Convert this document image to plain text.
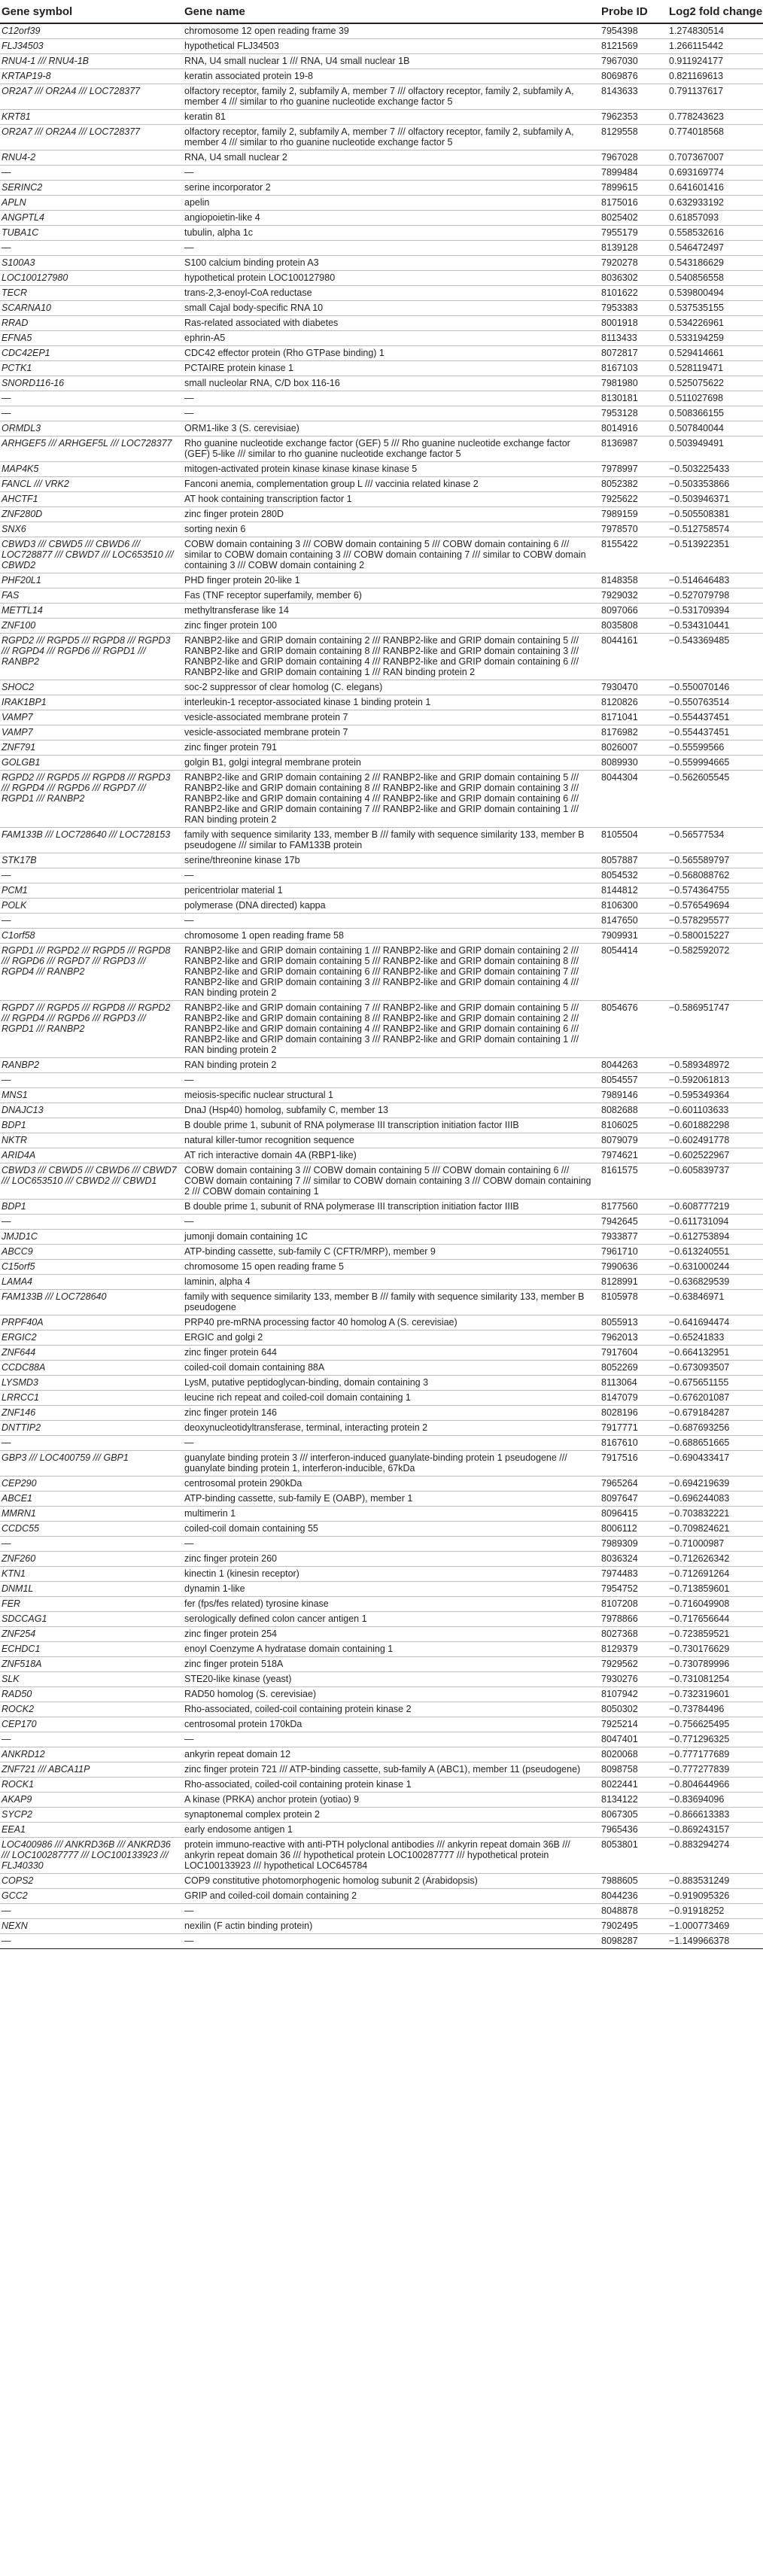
Gene symbol	Gene name	Probe ID	Log2 fold change
C12orf39	chromosome 12 open reading frame 39	7954398	1.274830514
FLJ34503	hypothetical FLJ34503	8121569	1.266115442
RNU4-1 /// RNU4-1B	RNA, U4 small nuclear 1 /// RNA, U4 small nuclear 1B	7967030	0.911924177
KRTAP19-8	keratin associated protein 19-8	8069876	0.821169613
OR2A7 /// OR2A4 /// LOC728377	olfactory receptor, family 2, subfamily A, member 7 /// olfactory receptor, family 2, subfamily A, member 4 /// similar to rho guanine nucleotide exchange factor 5	8143633	0.791137617
KRT81	keratin 81	7962353	0.778243623
OR2A7 /// OR2A4 /// LOC728377	olfactory receptor, family 2, subfamily A, member 7 /// olfactory receptor, family 2, subfamily A, member 4 /// similar to rho guanine nucleotide exchange factor 5	8129558	0.774018568
RNU4-2	RNA, U4 small nuclear 2	7967028	0.707367007
—	—	7899484	0.693169774
SERINC2	serine incorporator 2	7899615	0.641601416
APLN	apelin	8175016	0.632933192
ANGPTL4	angiopoietin-like 4	8025402	0.61857093
TUBA1C	tubulin, alpha 1c	7955179	0.558532616
—	—	8139128	0.546472497
S100A3	S100 calcium binding protein A3	7920278	0.543186629
LOC100127980	hypothetical protein LOC100127980	8036302	0.540856558
TECR	trans-2,3-enoyl-CoA reductase	8101622	0.539800494
SCARNA10	small Cajal body-specific RNA 10	7953383	0.537535155
RRAD	Ras-related associated with diabetes	8001918	0.534226961
EFNA5	ephrin-A5	8113433	0.533194259
CDC42EP1	CDC42 effector protein (Rho GTPase binding) 1	8072817	0.529414661
PCTK1	PCTAIRE protein kinase 1	8167103	0.528119471
SNORD116-16	small nucleolar RNA, C/D box 116-16	7981980	0.525075622
—	—	8130181	0.511027698
—	—	7953128	0.508366155
ORMDL3	ORM1-like 3 (S. cerevisiae)	8014916	0.507840044
ARHGEF5 /// ARHGEF5L /// LOC728377	Rho guanine nucleotide exchange factor (GEF) 5 /// Rho guanine nucleotide exchange factor (GEF) 5-like /// similar to rho guanine nucleotide exchange factor 5	8136987	0.503949491
MAP4K5	mitogen-activated protein kinase kinase kinase kinase 5	7978997	−0.503225433
FANCL /// VRK2	Fanconi anemia, complementation group L /// vaccinia related kinase 2	8052382	−0.503353866
AHCTF1	AT hook containing transcription factor 1	7925622	−0.503946371
ZNF280D	zinc finger protein 280D	7989159	−0.505508381
SNX6	sorting nexin 6	7978570	−0.512758574
CBWD3 /// CBWD5 /// CBWD6 /// LOC728877 /// CBWD7 /// LOC653510 /// CBWD2	COBW domain containing 3 /// COBW domain containing 5 /// COBW domain containing 6 /// similar to COBW domain containing 3 /// COBW domain containing 7 /// similar to COBW domain containing 3 /// COBW domain containing 2	8155422	−0.513922351
PHF20L1	PHD finger protein 20-like 1	8148358	−0.514646483
FAS	Fas (TNF receptor superfamily, member 6)	7929032	−0.527079798
METTL14	methyltransferase like 14	8097066	−0.531709394
ZNF100	zinc finger protein 100	8035808	−0.534310441
RGPD2 /// RGPD5 /// RGPD8 /// RGPD3 /// RGPD4 /// RGPD6 /// RGPD1 /// RANBP2	RANBP2-like and GRIP domain containing 2 /// RANBP2-like and GRIP domain containing 5 /// RANBP2-like and GRIP domain containing 8 /// RANBP2-like and GRIP domain containing 3 /// RANBP2-like and GRIP domain containing 4 /// RANBP2-like and GRIP domain containing 6 /// RANBP2-like and GRIP domain containing 1 /// RAN binding protein 2	8044161	−0.543369485
SHOC2	soc-2 suppressor of clear homolog (C. elegans)	7930470	−0.550070146
IRAK1BP1	interleukin-1 receptor-associated kinase 1 binding protein 1	8120826	−0.550763514
VAMP7	vesicle-associated membrane protein 7	8171041	−0.554437451
VAMP7	vesicle-associated membrane protein 7	8176982	−0.554437451
ZNF791	zinc finger protein 791	8026007	−0.55599566
GOLGB1	golgin B1, golgi integral membrane protein	8089930	−0.559994665
RGPD2 /// RGPD5 /// RGPD8 /// RGPD3 /// RGPD4 /// RGPD6 /// RGPD7 /// RGPD1 /// RANBP2	RANBP2-like and GRIP domain containing 2 /// RANBP2-like and GRIP domain containing 5 /// RANBP2-like and GRIP domain containing 8 /// RANBP2-like and GRIP domain containing 3 /// RANBP2-like and GRIP domain containing 4 /// RANBP2-like and GRIP domain containing 6 /// RANBP2-like and GRIP domain containing 7 /// RANBP2-like and GRIP domain containing 1 /// RAN binding protein 2	8044304	−0.562605545
FAM133B /// LOC728640 /// LOC728153	family with sequence similarity 133, member B /// family with sequence similarity 133, member B pseudogene /// similar to FAM133B protein	8105504	−0.56577534
STK17B	serine/threonine kinase 17b	8057887	−0.565589797
—	—	8054532	−0.568088762
PCM1	pericentriolar material 1	8144812	−0.574364755
POLK	polymerase (DNA directed) kappa	8106300	−0.576549694
—	—	8147650	−0.578295577
C1orf58	chromosome 1 open reading frame 58	7909931	−0.580015227
RGPD1 /// RGPD2 /// RGPD5 /// RGPD8 /// RGPD6 /// RGPD7 /// RGPD3 /// RGPD4 /// RANBP2	RANBP2-like and GRIP domain containing 1 /// RANBP2-like and GRIP domain containing 2 /// RANBP2-like and GRIP domain containing 5 /// RANBP2-like and GRIP domain containing 8 /// RANBP2-like and GRIP domain containing 6 /// RANBP2-like and GRIP domain containing 7 /// RANBP2-like and GRIP domain containing 3 /// RANBP2-like and GRIP domain containing 4 /// RAN binding protein 2	8054414	−0.582592072
RGPD7 /// RGPD5 /// RGPD8 /// RGPD2 /// RGPD4 /// RGPD6 /// RGPD3 /// RGPD1 /// RANBP2	RANBP2-like and GRIP domain containing 7 /// RANBP2-like and GRIP domain containing 5 /// RANBP2-like and GRIP domain containing 8 /// RANBP2-like and GRIP domain containing 2 /// RANBP2-like and GRIP domain containing 4 /// RANBP2-like and GRIP domain containing 6 /// RANBP2-like and GRIP domain containing 3 /// RANBP2-like and GRIP domain containing 1 /// RAN binding protein 2	8054676	−0.586951747
RANBP2	RAN binding protein 2	8044263	−0.589348972
—	—	8054557	−0.592061813
MNS1	meiosis-specific nuclear structural 1	7989146	−0.595349364
DNAJC13	DnaJ (Hsp40) homolog, subfamily C, member 13	8082688	−0.601103633
BDP1	B double prime 1, subunit of RNA polymerase III transcription initiation factor IIIB	8106025	−0.601882298
NKTR	natural killer-tumor recognition sequence	8079079	−0.602491778
ARID4A	AT rich interactive domain 4A (RBP1-like)	7974621	−0.602522967
CBWD3 /// CBWD5 /// CBWD6 /// CBWD7 /// LOC653510 /// CBWD2 /// CBWD1	COBW domain containing 3 /// COBW domain containing 5 /// COBW domain containing 6 /// COBW domain containing 7 /// similar to COBW domain containing 3 /// COBW domain containing 2 /// COBW domain containing 1	8161575	−0.605839737
BDP1	B double prime 1, subunit of RNA polymerase III transcription initiation factor IIIB	8177560	−0.608777219
—	—	7942645	−0.611731094
JMJD1C	jumonji domain containing 1C	7933877	−0.612753894
ABCC9	ATP-binding cassette, sub-family C (CFTR/MRP), member 9	7961710	−0.613240551
C15orf5	chromosome 15 open reading frame 5	7990636	−0.631000244
LAMA4	laminin, alpha 4	8128991	−0.636829539
FAM133B /// LOC728640	family with sequence similarity 133, member B /// family with sequence similarity 133, member B pseudogene	8105978	−0.63846971
PRPF40A	PRP40 pre-mRNA processing factor 40 homolog A (S. cerevisiae)	8055913	−0.641694474
ERGIC2	ERGIC and golgi 2	7962013	−0.65241833
ZNF644	zinc finger protein 644	7917604	−0.664132951
CCDC88A	coiled-coil domain containing 88A	8052269	−0.673093507
LYSMD3	LysM, putative peptidoglycan-binding, domain containing 3	8113064	−0.675651155
LRRCC1	leucine rich repeat and coiled-coil domain containing 1	8147079	−0.676201087
ZNF146	zinc finger protein 146	8028196	−0.679184287
DNTTIP2	deoxynucleotidyltransferase, terminal, interacting protein 2	7917771	−0.687693256
—	—	8167610	−0.688651665
GBP3 /// LOC400759 /// GBP1	guanylate binding protein 3 /// interferon-induced guanylate-binding protein 1 pseudogene /// guanylate binding protein 1, interferon-inducible, 67kDa	7917516	−0.690433417
CEP290	centrosomal protein 290kDa	7965264	−0.694219639
ABCE1	ATP-binding cassette, sub-family E (OABP), member 1	8097647	−0.696244083
MMRN1	multimerin 1	8096415	−0.703832221
CCDC55	coiled-coil domain containing 55	8006112	−0.709824621
—	—	7989309	−0.71000987
ZNF260	zinc finger protein 260	8036324	−0.712626342
KTN1	kinectin 1 (kinesin receptor)	7974483	−0.712691264
DNM1L	dynamin 1-like	7954752	−0.713859601
FER	fer (fps/fes related) tyrosine kinase	8107208	−0.716049908
SDCCAG1	serologically defined colon cancer antigen 1	7978866	−0.717656644
ZNF254	zinc finger protein 254	8027368	−0.723859521
ECHDC1	enoyl Coenzyme A hydratase domain containing 1	8129379	−0.730176629
ZNF518A	zinc finger protein 518A	7929562	−0.730789996
SLK	STE20-like kinase (yeast)	7930276	−0.731081254
RAD50	RAD50 homolog (S. cerevisiae)	8107942	−0.732319601
ROCK2	Rho-associated, coiled-coil containing protein kinase 2	8050302	−0.73784496
CEP170	centrosomal protein 170kDa	7925214	−0.756625495
—	—	8047401	−0.771296325
ANKRD12	ankyrin repeat domain 12	8020068	−0.777177689
ZNF721 /// ABCA11P	zinc finger protein 721 /// ATP-binding cassette, sub-family A (ABC1), member 11 (pseudogene)	8098758	−0.777277839
ROCK1	Rho-associated, coiled-coil containing protein kinase 1	8022441	−0.804644966
AKAP9	A kinase (PRKA) anchor protein (yotiao) 9	8134122	−0.83694096
SYCP2	synaptonemal complex protein 2	8067305	−0.866613383
EEA1	early endosome antigen 1	7965436	−0.869243157
LOC400986 /// ANKRD36B /// ANKRD36 /// LOC100287777 /// LOC100133923 /// FLJ40330	protein immuno-reactive with anti-PTH polyclonal antibodies /// ankyrin repeat domain 36B /// ankyrin repeat domain 36 /// hypothetical protein LOC100287777 /// hypothetical protein LOC100133923 /// hypothetical LOC645784	8053801	−0.883294274
COPS2	COP9 constitutive photomorphogenic homolog subunit 2 (Arabidopsis)	7988605	−0.883531249
GCC2	GRIP and coiled-coil domain containing 2	8044236	−0.919095326
—	—	8048878	−0.91918252
NEXN	nexilin (F actin binding protein)	7902495	−1.000773469
—	—	8098287	−1.149966378
